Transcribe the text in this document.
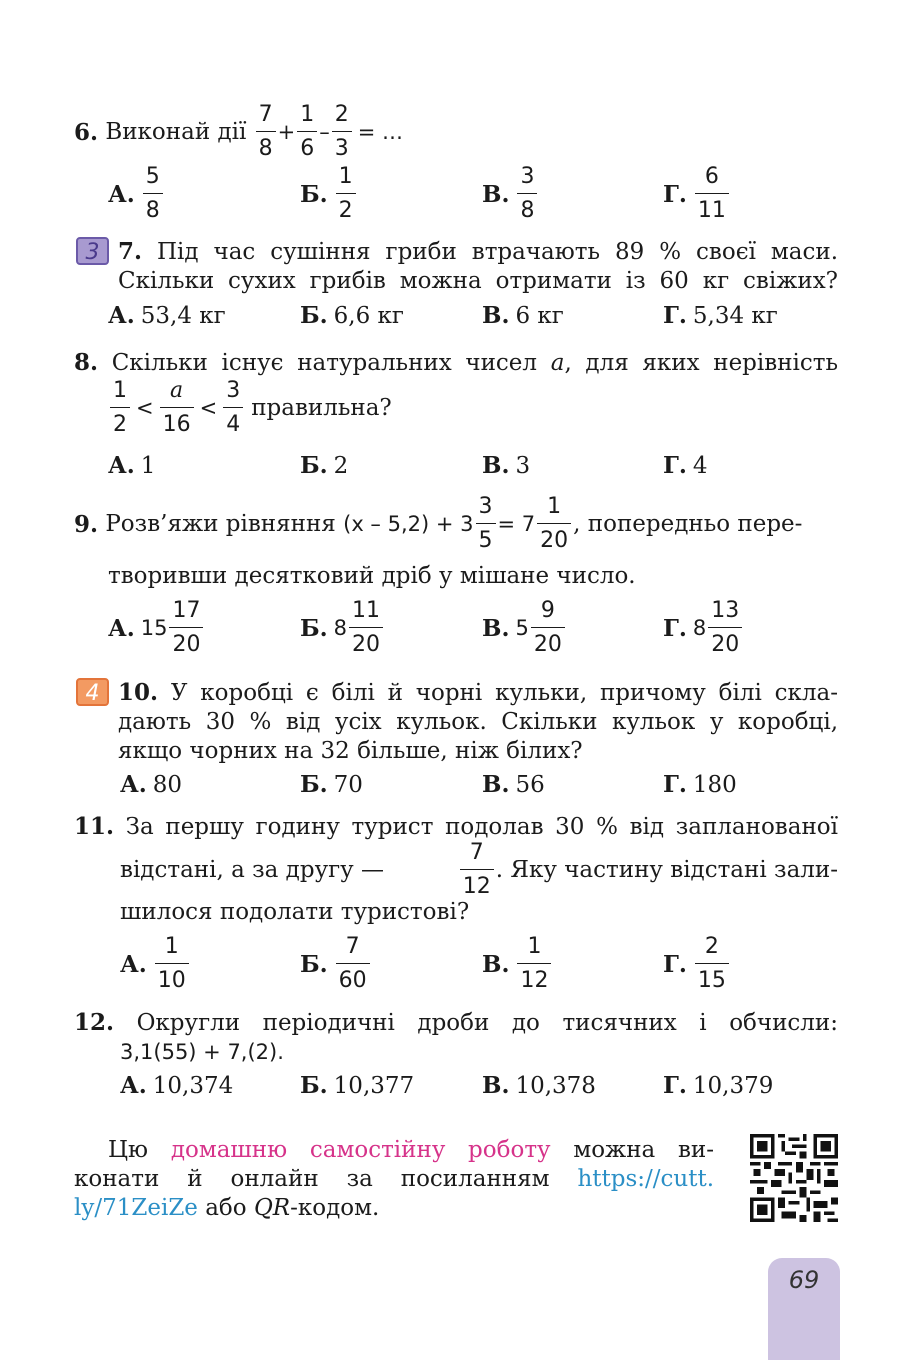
6.
Виконай дії
$\frac{7}{8} + \frac{1}{6} - \frac{2}{3}$ = …
А. $\frac{5}{8}$	Б. $\frac{1}{2}$	В. $\frac{3}{8}$	Г. $\frac{6}{11}$
3 7. Під час сушіння гриби втрачають 89 % своєї маси.
Скільки сухих грибів можна отримати із 60 кг свіжих?
А. 53,4 кг	Б. 6,6 кг	В. 6 кг	Г. 5,34 кг
8. Скільки існує натуральних чисел a, для яких нерівність
$\frac{1}{2} < \frac{a}{16} < \frac{3}{4}$ правильна?
А. 1	Б. 2	В. 3	Г. 4
9.
Розв’яжи рівняння
$(x - 5,2) + 3 \frac{3}{5} = 7 \frac{1}{20}$ , попередньо пере-
творивши десятковий дріб у мішане число.
А. $15 \frac{17}{20}$	Б. $8 \frac{11}{20}$	В. $5 \frac{9}{20}$	Г. $8 \frac{13}{20}$
4 10. У коробці є білі й чорні кульки, причому білі скла-
дають 30 % від усіх кульок. Скільки кульок у коробці,
якщо чорних на 32 більше, ніж білих?
А. 80	Б. 70	В. 56	Г. 180
11. За першу годину турист подолав 30 % від запланованої
відстані, а за другу —	$\frac{7}{12}$ . Яку частину відстані зали-
шилося подолати туристові?
А. $\frac{1}{10}$	Б. $\frac{7}{60}$	В. $\frac{1}{12}$	Г. $\frac{2}{15}$
12. Округли періодичні дроби до тисячних і обчисли:
3,1(55) + 7,(2).
А. 10,374	Б. 10,377	В. 10,378	Г. 10,379
Цю домашню самостійну роботу можна ви-
конати й онлайн за посиланням https://cutt.
ly/71ZeiZe або QR-кодом.
69
